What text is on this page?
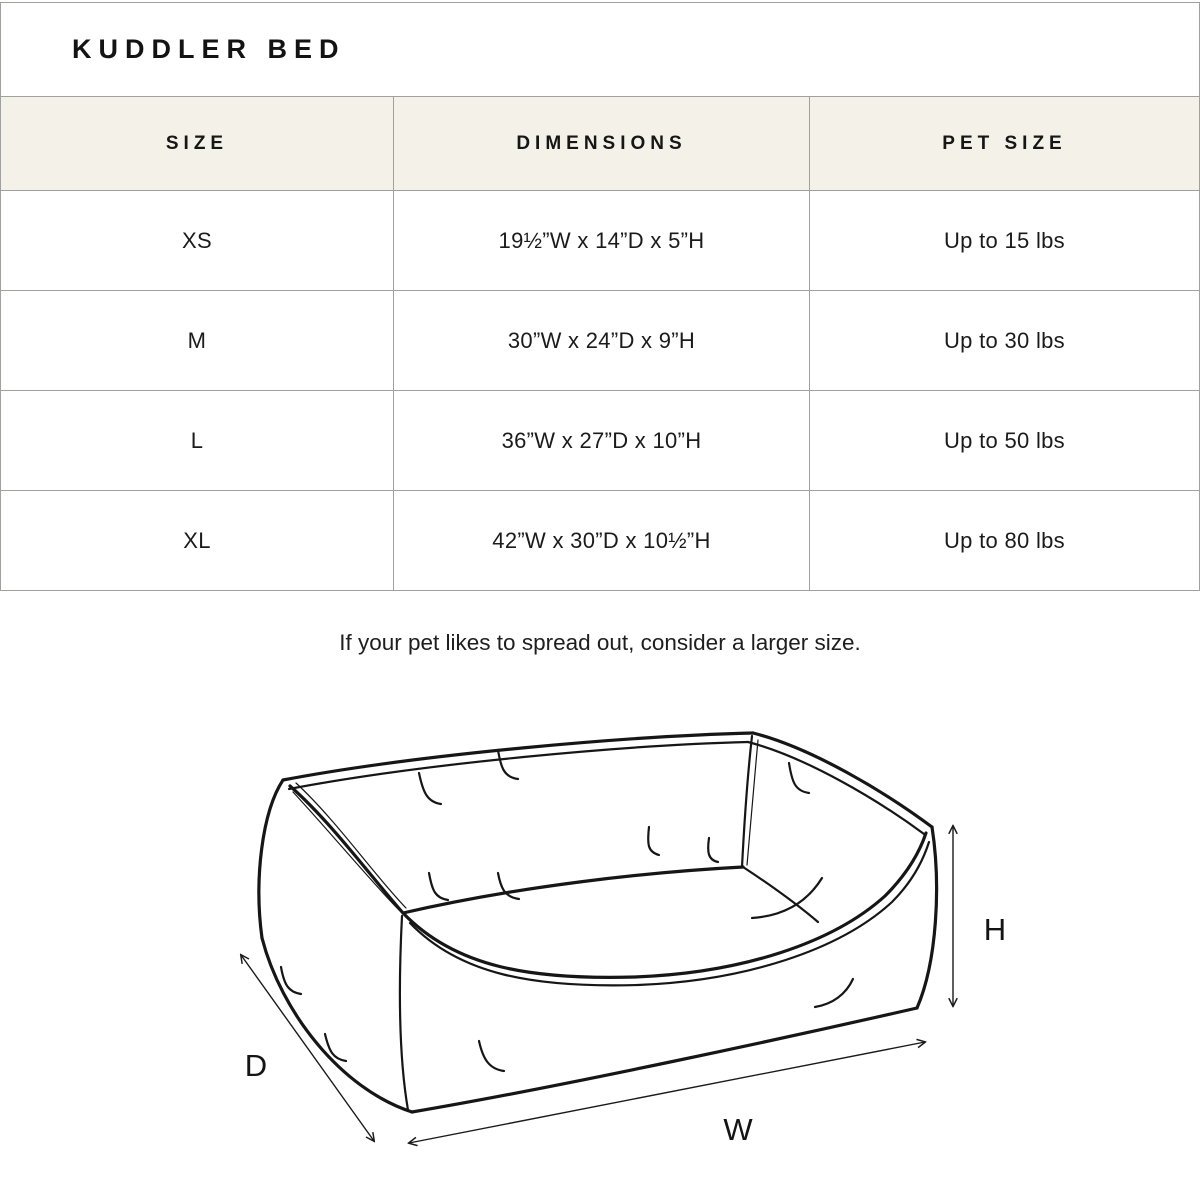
KUDDLER BED		
SIZE	DIMENSIONS	PET SIZE
XS	19½”W x 14”D x 5”H	Up to 15 lbs
M	30”W x 24”D x 9”H	Up to 30 lbs
L	36”W x 27”D x 10”H	Up to 50 lbs
XL	42”W x 30”D x 10½”H	Up to 80 lbs
If your pet likes to spread out, consider a larger size.
H
D
W
